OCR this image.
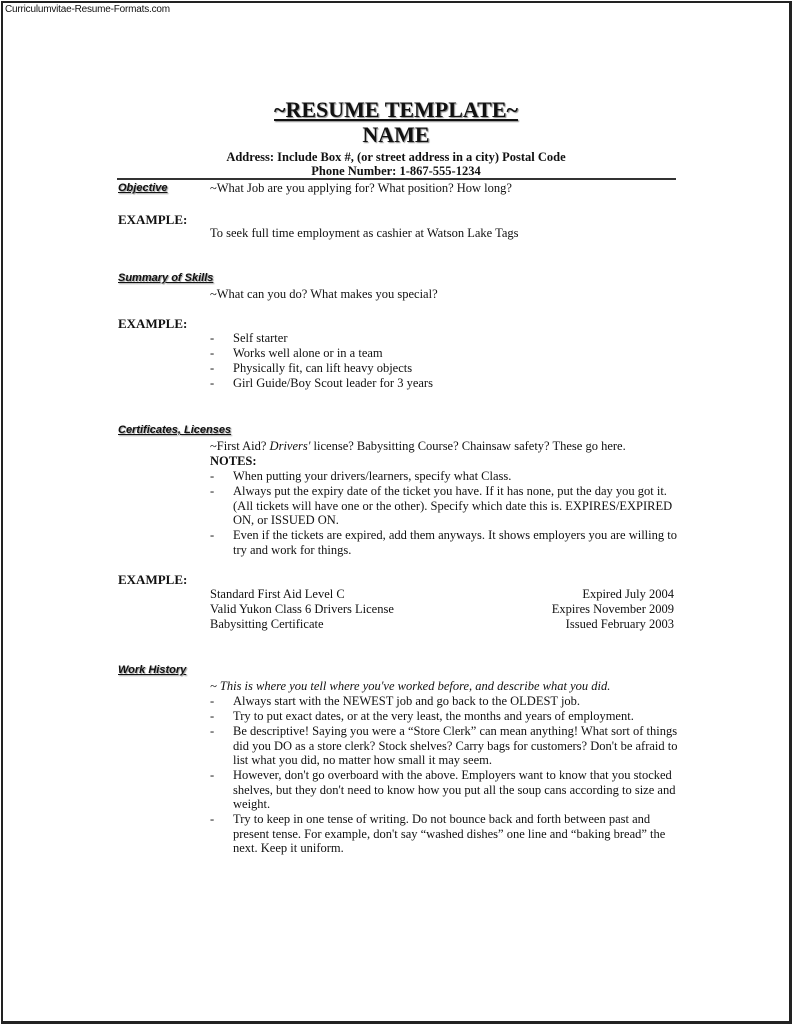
Curriculumvitae-Resume-Formats.com
~RESUME TEMPLATE~
NAME
Address: Include Box #, (or street address in a city) Postal Code
Phone Number: 1-867-555-1234
Objective	~What Job are you applying for? What position? How long?
EXAMPLE:
To seek full time employment as cashier at Watson Lake Tags
Summary of Skills
~What can you do? What makes you special?
EXAMPLE:
-	Self starter
-	Works well alone or in a team
-	Physically fit, can lift heavy objects
-	Girl Guide/Boy Scout leader for 3 years
Certificates, Licenses
~First Aid? Drivers' license? Babysitting Course? Chainsaw safety? These go here.
NOTES:
-	When putting your drivers/learners, specify what Class.
-	Always put the expiry date of the ticket you have. If it has none, put the day you got it. (All tickets will have one or the other). Specify which date this is. EXPIRES/EXPIRED ON, or ISSUED ON.
-	Even if the tickets are expired, add them anyways. It shows employers you are willing to try and work for things.
EXAMPLE:
Standard First Aid Level C	Expired July 2004
Valid Yukon Class 6 Drivers License	Expires November 2009
Babysitting Certificate	Issued February 2003
Work History
~ This is where you tell where you've worked before, and describe what you did.
-	Always start with the NEWEST job and go back to the OLDEST job.
-	Try to put exact dates, or at the very least, the months and years of employment.
-	Be descriptive! Saying you were a “Store Clerk” can mean anything! What sort of things did you DO as a store clerk? Stock shelves? Carry bags for customers? Don't be afraid to list what you did, no matter how small it may seem.
-	However, don't go overboard with the above. Employers want to know that you stocked shelves, but they don't need to know how you put all the soup cans according to size and weight.
-	Try to keep in one tense of writing. Do not bounce back and forth between past and present tense. For example, don't say “washed dishes” one line and “baking bread” the next. Keep it uniform.
